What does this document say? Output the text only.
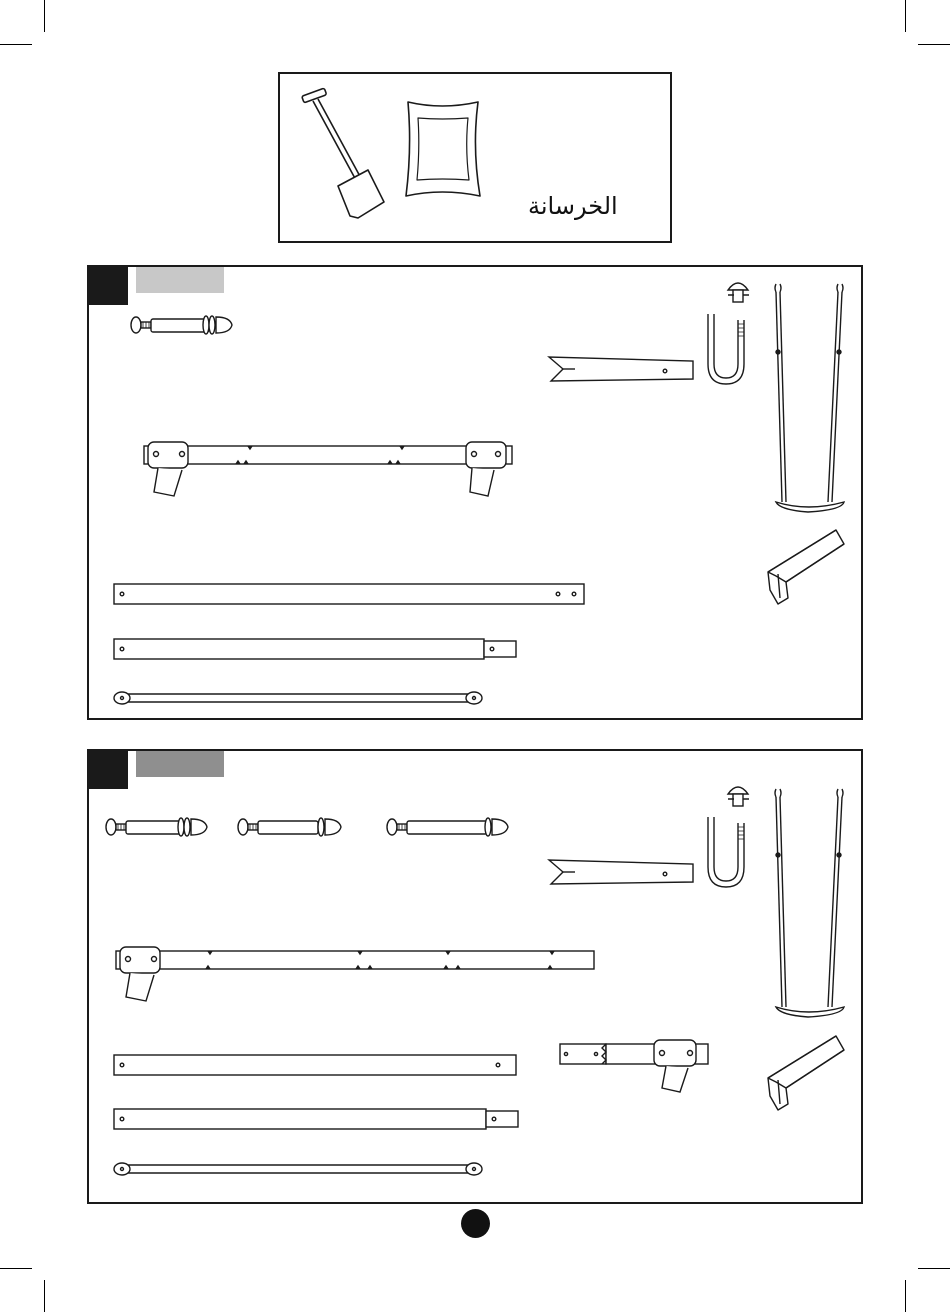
الخرسانة
